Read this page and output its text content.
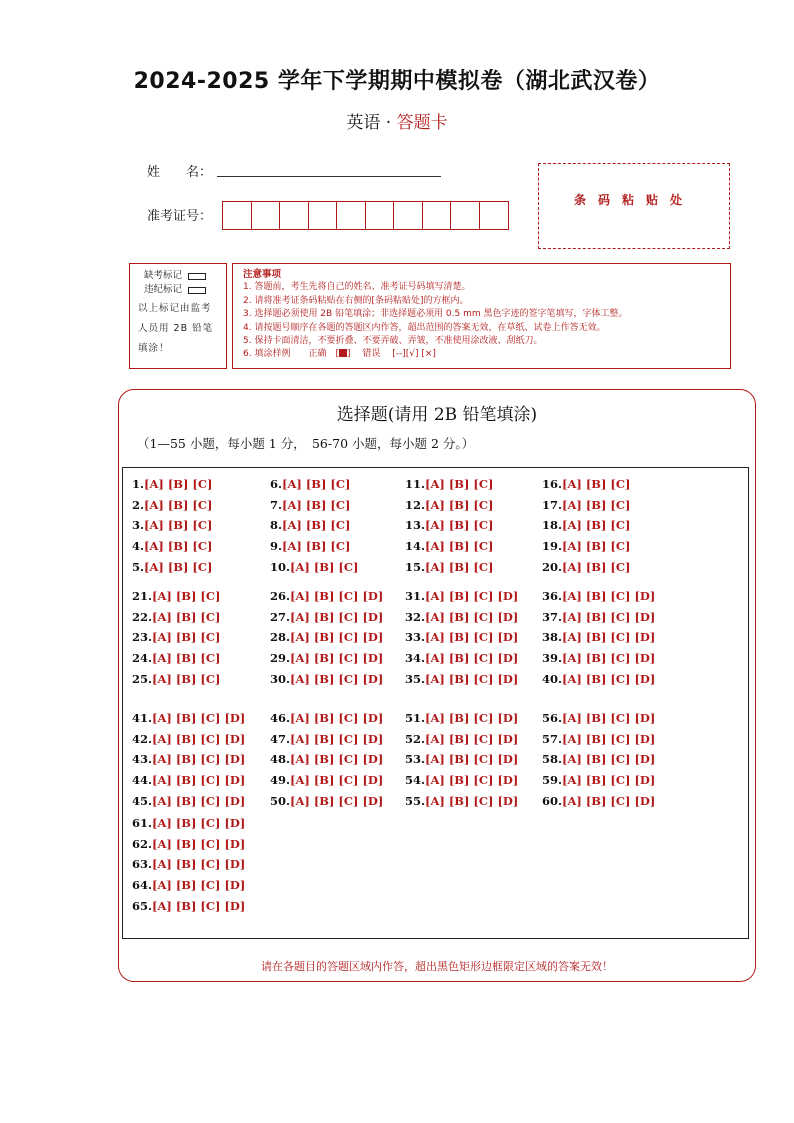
2024-2025 学年下学期期中模拟卷（湖北武汉卷）
英语 · 答题卡
姓　　名：
准考证号：
条码粘贴处
缺考标记
违纪标记
以上标记由监考人员用 2B 铅笔填涂！
注意事项
1. 答题前，考生先将自己的姓名、准考证号码填写清楚。
2. 请将准考证条码粘贴在右侧的[条码粘贴处]的方框内。
3. 选择题必须使用 2B 铅笔填涂；非选择题必须用 0.5 mm 黑色字迹的签字笔填写，字体工整。
4. 请按题号顺序在各题的答题区内作答，超出范围的答案无效，在草纸、试卷上作答无效。
5. 保持卡面清洁，不要折叠、不要弄破、弄皱，不准使用涂改液、刮纸刀。
6. 填涂样例　　正确　[ ]　 错误　 [--][√] [×]
选择题(请用 2B 铅笔填涂)
（1—55 小题，每小题 1 分，　56-70 小题，每小题 2 分。）
1.[A] [B] [C]
2.[A] [B] [C]
3.[A] [B] [C]
4.[A] [B] [C]
5.[A] [B] [C]
6.[A] [B] [C]
7.[A] [B] [C]
8.[A] [B] [C]
9.[A] [B] [C]
10.[A] [B] [C]
11.[A] [B] [C]
12.[A] [B] [C]
13.[A] [B] [C]
14.[A] [B] [C]
15.[A] [B] [C]
16.[A] [B] [C]
17.[A] [B] [C]
18.[A] [B] [C]
19.[A] [B] [C]
20.[A] [B] [C]
21.[A] [B] [C]
22.[A] [B] [C]
23.[A] [B] [C]
24.[A] [B] [C]
25.[A] [B] [C]
26.[A] [B] [C] [D]
27.[A] [B] [C] [D]
28.[A] [B] [C] [D]
29.[A] [B] [C] [D]
30.[A] [B] [C] [D]
31.[A] [B] [C] [D]
32.[A] [B] [C] [D]
33.[A] [B] [C] [D]
34.[A] [B] [C] [D]
35.[A] [B] [C] [D]
36.[A] [B] [C] [D]
37.[A] [B] [C] [D]
38.[A] [B] [C] [D]
39.[A] [B] [C] [D]
40.[A] [B] [C] [D]
41.[A] [B] [C] [D]
42.[A] [B] [C] [D]
43.[A] [B] [C] [D]
44.[A] [B] [C] [D]
45.[A] [B] [C] [D]
46.[A] [B] [C] [D]
47.[A] [B] [C] [D]
48.[A] [B] [C] [D]
49.[A] [B] [C] [D]
50.[A] [B] [C] [D]
51.[A] [B] [C] [D]
52.[A] [B] [C] [D]
53.[A] [B] [C] [D]
54.[A] [B] [C] [D]
55.[A] [B] [C] [D]
56.[A] [B] [C] [D]
57.[A] [B] [C] [D]
58.[A] [B] [C] [D]
59.[A] [B] [C] [D]
60.[A] [B] [C] [D]
61.[A] [B] [C] [D]
62.[A] [B] [C] [D]
63.[A] [B] [C] [D]
64.[A] [B] [C] [D]
65.[A] [B] [C] [D]
请在各题目的答题区域内作答，超出黑色矩形边框限定区域的答案无效！
